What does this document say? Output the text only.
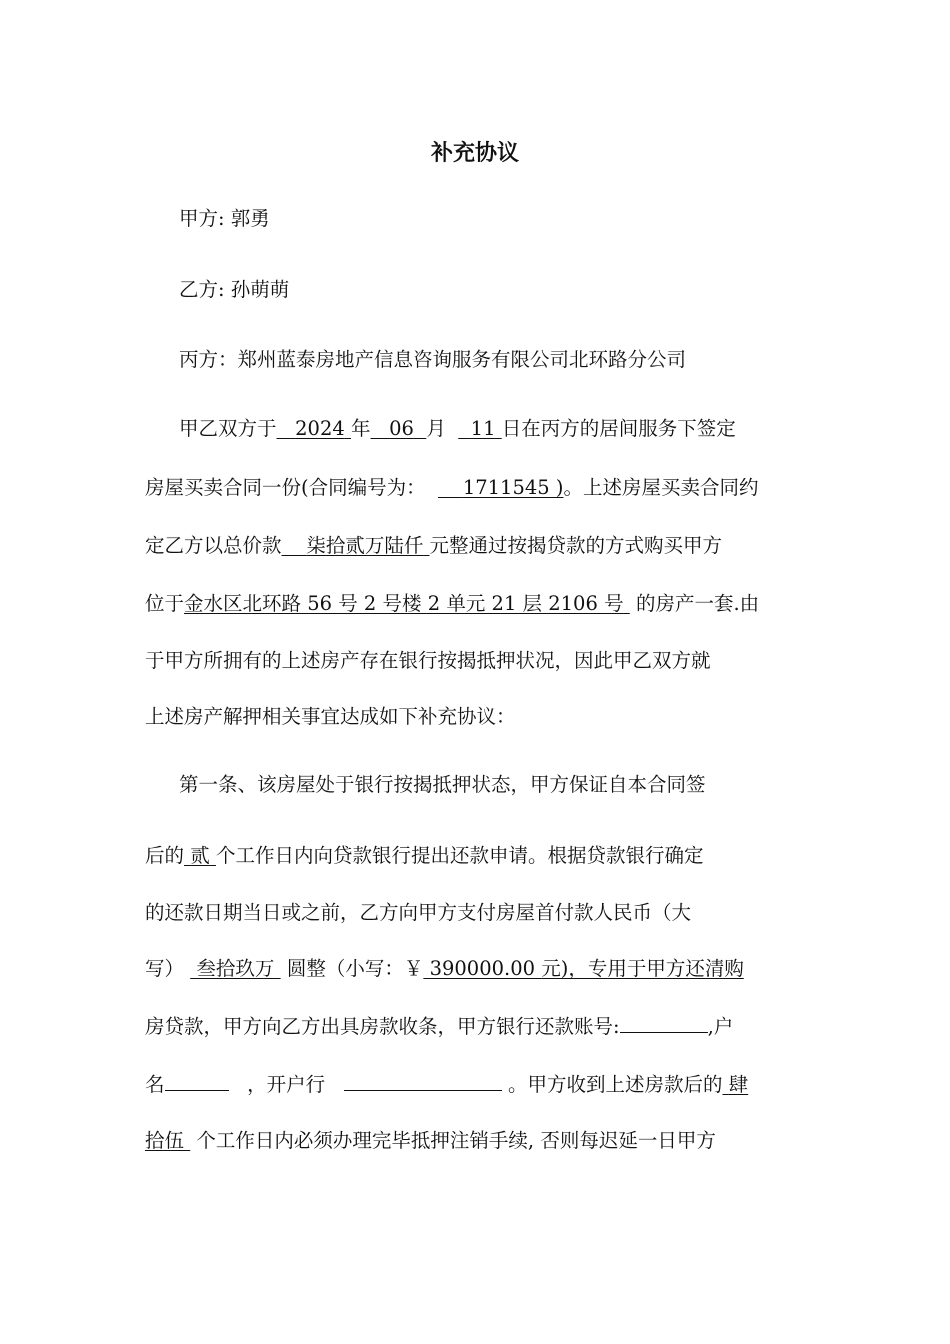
补充协议
甲方: 郭勇
乙方: 孙萌萌
丙方：郑州蓝泰房地产信息咨询服务有限公司北环路分公司
甲乙双方于 2024 年 06 月 11 日在丙方的居间服务下签定
房屋买卖合同一份(合同编号为： 1711545 )。上述房屋买卖合同约
定乙方以总价款 柒拾贰万陆仟 元整通过按揭贷款的方式购买甲方
位于金水区北环路 56 号 2 号楼 2 单元 21 层 2106 号 的房产一套.由
于甲方所拥有的上述房产存在银行按揭抵押状况，因此甲乙双方就
上述房产解押相关事宜达成如下补充协议：
第一条、该房屋处于银行按揭抵押状态，甲方保证自本合同签
后的 贰 个工作日内向贷款银行提出还款申请。根据贷款银行确定
的还款日期当日或之前，乙方向甲方支付房屋首付款人民币（大
写） 叁拾玖万 圆整（小写：￥ 390000.00 元)，专用于甲方还清购
房贷款，甲方向乙方出具房款收条，甲方银行还款账号:	,户
名	，开户行	。甲方收到上述房款后的 肆
拾伍 个工作日内必须办理完毕抵押注销手续, 否则每迟延一日甲方
